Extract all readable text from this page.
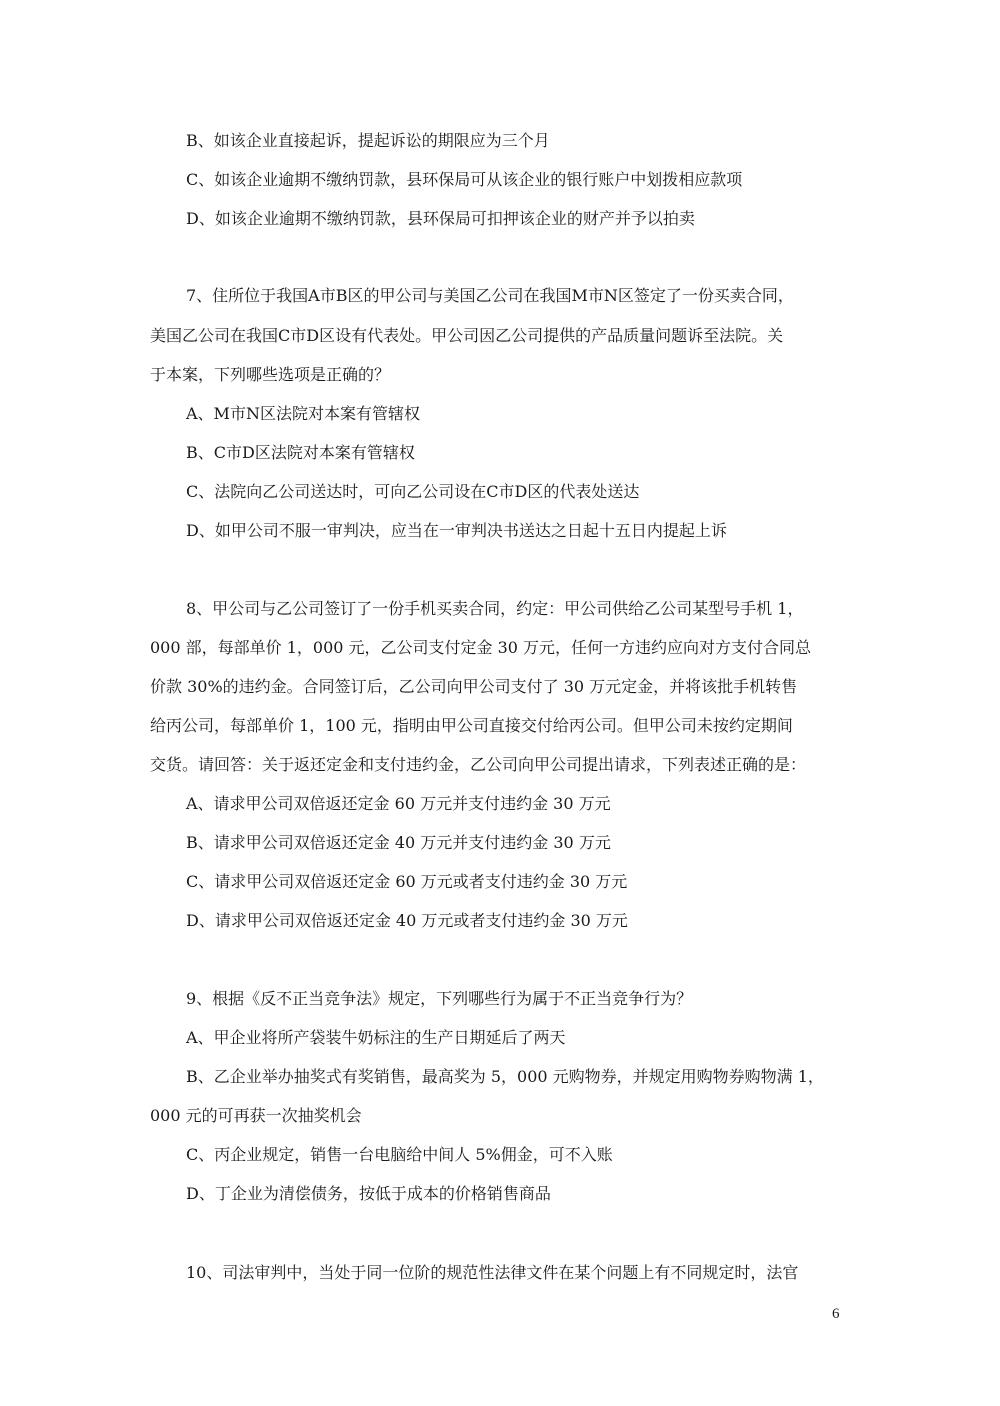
B、如该企业直接起诉，提起诉讼的期限应为三个月
C、如该企业逾期不缴纳罚款，县环保局可从该企业的银行账户中划拨相应款项
D、如该企业逾期不缴纳罚款，县环保局可扣押该企业的财产并予以拍卖
7、住所位于我国A市B区的甲公司与美国乙公司在我国M市N区签定了一份买卖合同，
美国乙公司在我国C市D区设有代表处。甲公司因乙公司提供的产品质量问题诉至法院。关
于本案，下列哪些选项是正确的？
A、M市N区法院对本案有管辖权
B、C市D区法院对本案有管辖权
C、法院向乙公司送达时，可向乙公司设在C市D区的代表处送达
D、如甲公司不服一审判决，应当在一审判决书送达之日起十五日内提起上诉
8、甲公司与乙公司签订了一份手机买卖合同，约定：甲公司供给乙公司某型号手机 1，
000 部，每部单价 1，000 元，乙公司支付定金 30 万元，任何一方违约应向对方支付合同总
价款 30%的违约金。合同签订后，乙公司向甲公司支付了 30 万元定金，并将该批手机转售
给丙公司，每部单价 1，100 元，指明由甲公司直接交付给丙公司。但甲公司未按约定期间
交货。请回答：关于返还定金和支付违约金，乙公司向甲公司提出请求，下列表述正确的是：
A、请求甲公司双倍返还定金 60 万元并支付违约金 30 万元
B、请求甲公司双倍返还定金 40 万元并支付违约金 30 万元
C、请求甲公司双倍返还定金 60 万元或者支付违约金 30 万元
D、请求甲公司双倍返还定金 40 万元或者支付违约金 30 万元
9、根据《反不正当竞争法》规定，下列哪些行为属于不正当竞争行为？
A、甲企业将所产袋装牛奶标注的生产日期延后了两天
B、乙企业举办抽奖式有奖销售，最高奖为 5，000 元购物券，并规定用购物券购物满 1，
000 元的可再获一次抽奖机会
C、丙企业规定，销售一台电脑给中间人 5%佣金，可不入账
D、丁企业为清偿债务，按低于成本的价格销售商品
10、司法审判中，当处于同一位阶的规范性法律文件在某个问题上有不同规定时，法官
6
